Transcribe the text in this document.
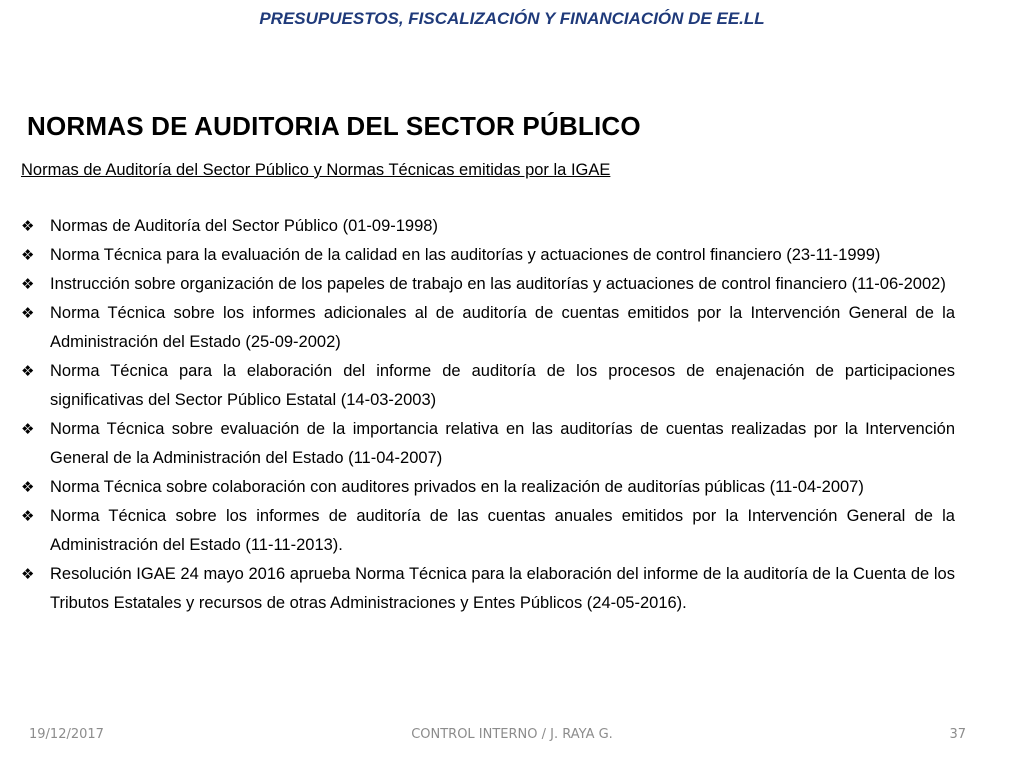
PRESUPUESTOS, FISCALIZACIÓN Y FINANCIACIÓN DE EE.LL
NORMAS DE AUDITORIA DEL SECTOR PÚBLICO
Normas de Auditoría del Sector Público y Normas Técnicas emitidas por la IGAE
❖ Normas de Auditoría del Sector Público (01-09-1998)
❖ Norma Técnica para la evaluación de la calidad en las auditorías y actuaciones de control financiero (23-11-1999)
❖ Instrucción sobre organización de los papeles de trabajo en las auditorías y actuaciones de control financiero (11-06-2002)
❖ Norma Técnica sobre los informes adicionales al de auditoría de cuentas emitidos por la Intervención General de la Administración del Estado (25-09-2002)
❖ Norma Técnica para la elaboración del informe de auditoría de los procesos de enajenación de participaciones significativas del Sector Público Estatal (14-03-2003)
❖ Norma Técnica sobre evaluación de la importancia relativa en las auditorías de cuentas realizadas por la Intervención General de la Administración del Estado (11-04-2007)
❖ Norma Técnica sobre colaboración con auditores privados en la realización de auditorías públicas (11-04-2007)
❖ Norma Técnica sobre los informes de auditoría de las cuentas anuales emitidos por la Intervención General de la Administración del Estado (11-11-2013).
❖ Resolución IGAE 24 mayo 2016 aprueba Norma Técnica para la elaboración del informe de la auditoría de la Cuenta de los Tributos Estatales y recursos de otras Administraciones y Entes Públicos (24-05-2016).
19/12/2017	CONTROL INTERNO / J. RAYA G.	37
